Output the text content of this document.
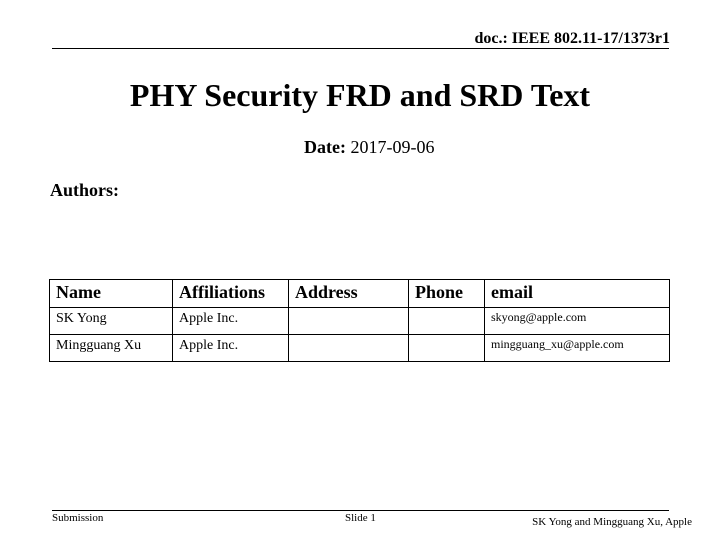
doc.: IEEE 802.11-17/1373r1
PHY Security FRD and SRD Text
Date: 2017-09-06
Authors:
Name	Affiliations	Address	Phone	email
SK Yong	Apple Inc.			skyong@apple.com
Mingguang Xu	Apple Inc.			mingguang_xu@apple.com
Submission	Slide 1	SK Yong and Mingguang Xu, Apple
